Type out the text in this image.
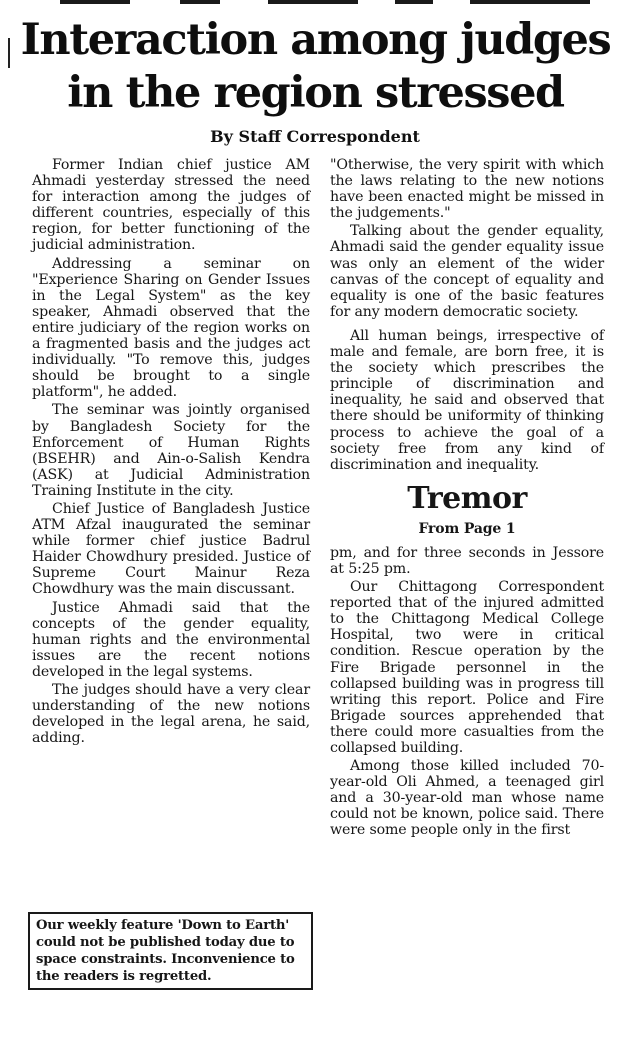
Interaction among judges in the region stressed
By Staff Correspondent

Former Indian chief justice AM Ahmadi yesterday stressed the need for interaction among the judges of different countries, especially of this region, for better functioning of the judicial administration.

Addressing a seminar on "Experience Sharing on Gender Issues in the Legal System" as the key speaker, Ahmadi observed that the entire judiciary of the region works on a fragmented basis and the judges act individually. "To remove this, judges should be brought to a single platform", he added.

The seminar was jointly organised by Bangladesh Society for the Enforcement of Human Rights (BSEHR) and Ain-o-Salish Kendra (ASK) at Judicial Administration Training Institute in the city.

Chief Justice of Bangladesh Justice ATM Afzal inaugurated the seminar while former chief justice Badrul Haider Chowdhury presided. Justice of Supreme Court Mainur Reza Chowdhury was the main discussant.

Justice Ahmadi said that the concepts of the gender equality, human rights and the environmental issues are the recent notions developed in the legal systems.

The judges should have a very clear understanding of the new notions developed in the legal arena, he said, adding.

"Otherwise, the very spirit with which the laws relating to the new notions have been enacted might be missed in the judgements."

Talking about the gender equality, Ahmadi said the gender equality issue was only an element of the wider canvas of the concept of equality and equality is one of the basic features for any modern democratic society.

All human beings, irrespective of male and female, are born free, it is the society which prescribes the principle of discrimination and inequality, he said and observed that there should be uniformity of thinking process to achieve the goal of a society free from any kind of discrimination and inequality.

Tremor
From Page 1

pm, and for three seconds in Jessore at 5:25 pm.

Our Chittagong Correspondent reported that of the injured admitted to the Chittagong Medical College Hospital, two were in critical condition. Rescue operation by the Fire Brigade personnel in the collapsed building was in progress till writing this report. Police and Fire Brigade sources apprehended that there could more casualties from the collapsed building.

Among those killed included 70-year-old Oli Ahmed, a teenaged girl and a 30-year-old man whose name could not be known, police said. There were some people only in the first

Our weekly feature 'Down to Earth' could not be published today due to space constraints. Inconvenience to the readers is regretted.
